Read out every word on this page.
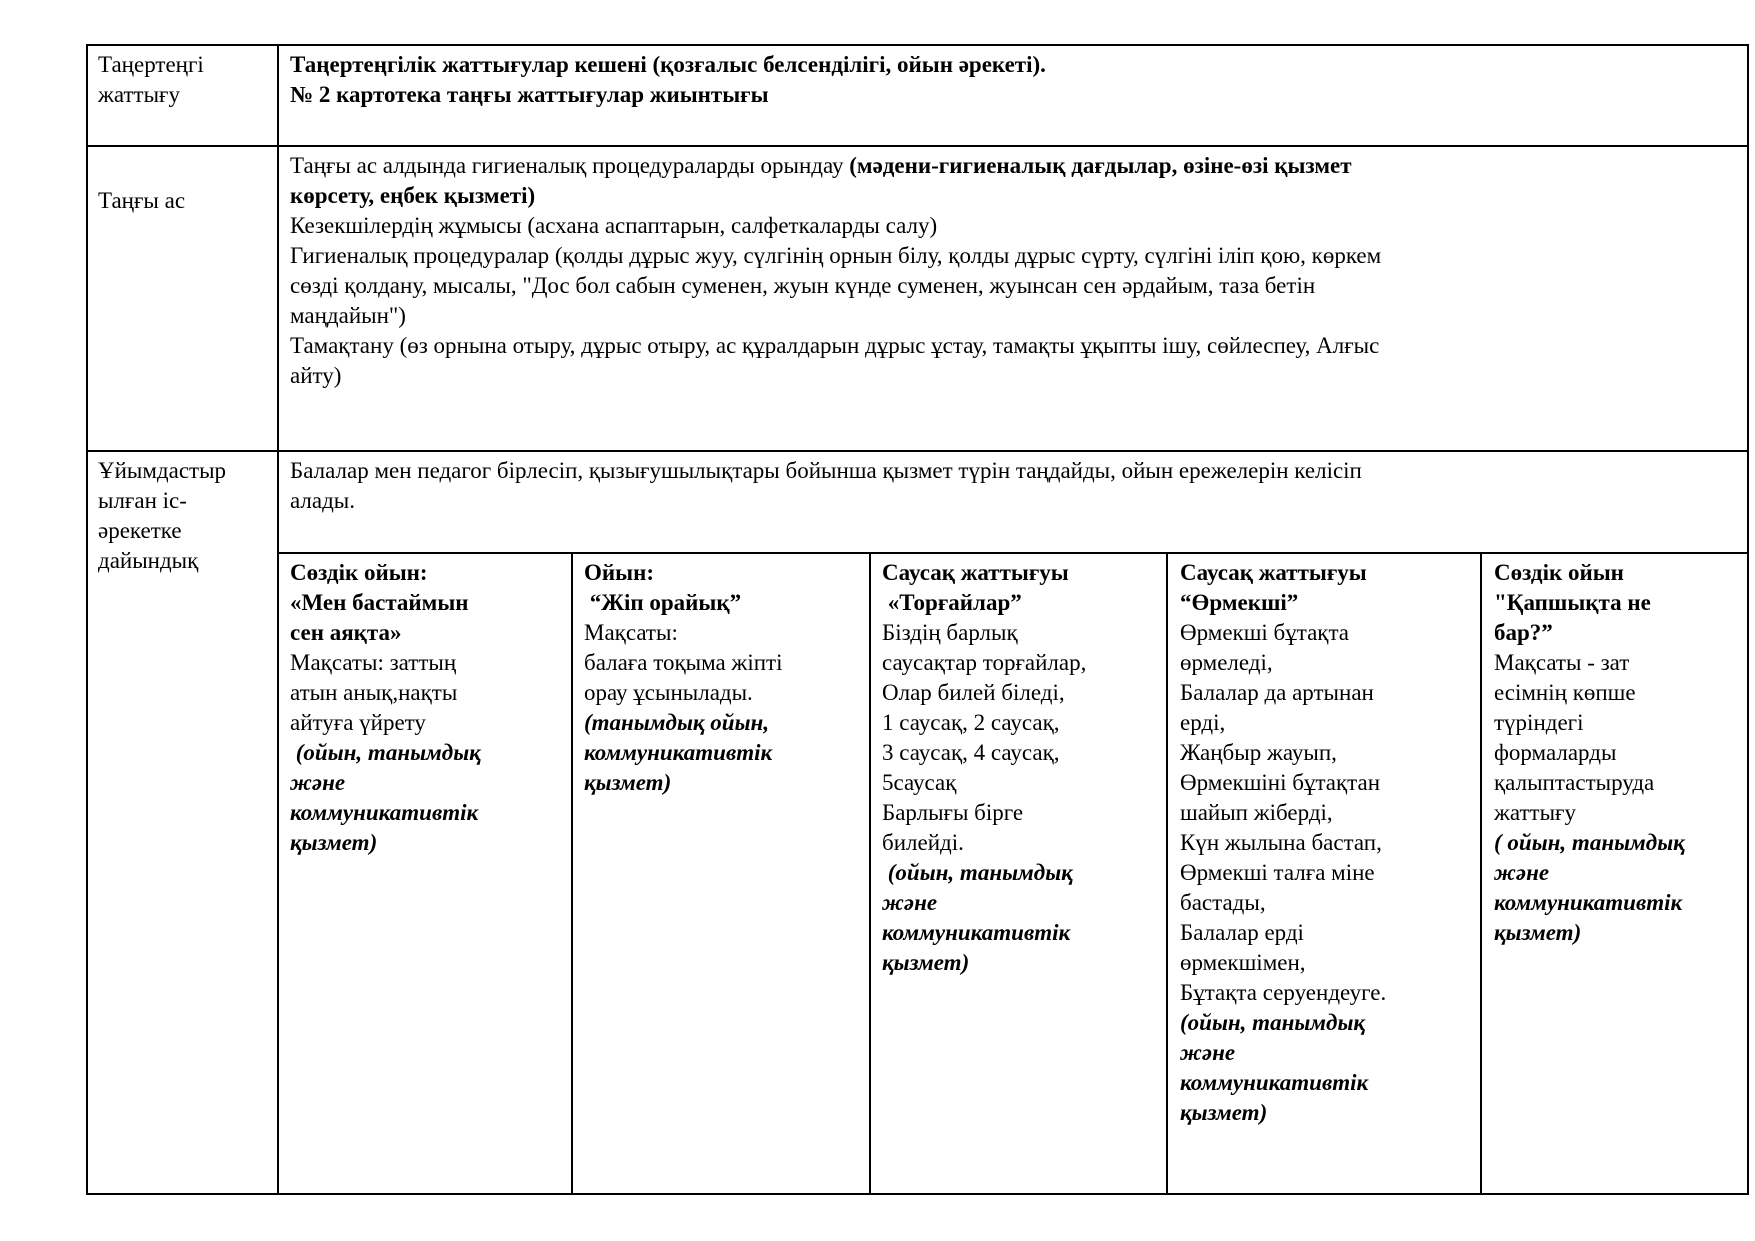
Таңертеңгі
жаттығу
Таңертеңгілік жаттығулар кешені (қозғалыс белсенділігі, ойын әрекеті).
№ 2 картотека таңғы жаттығулар жиынтығы
Таңғы ас
Таңғы ас алдында гигиеналық процедураларды орындау (мәдени-гигиеналық дағдылар, өзіне-өзі қызмет
көрсету, еңбек қызметі)
Кезекшілердің жұмысы (асхана аспаптарын, салфеткаларды салу)
Гигиеналық процедуралар (қолды дұрыс жуу, сүлгінің орнын білу, қолды дұрыс сүрту, сүлгіні іліп қою, көркем
сөзді қолдану, мысалы, "Дос бол сабын суменен, жуын күнде суменен, жуынсан сен әрдайым, таза бетін
маңдайын")
Тамақтану (өз орнына отыру, дұрыс отыру, ас құралдарын дұрыс ұстау, тамақты ұқыпты ішу, сөйлеспеу, Алғыс
айту)
Ұйымдастыр
ылған іс-
әрекетке
дайындық
Балалар мен педагог бірлесіп, қызығушылықтары бойынша қызмет түрін таңдайды, ойын ережелерін келісіп
алады.
Сөздік ойын:
«Мен бастаймын
сен аяқта»
Мақсаты: заттың
атын анық,нақты
айтуға үйрету
(ойын, танымдық
және
коммуникативтік
қызмет)
Ойын:
“Жіп орайық”
Мақсаты:
балаға тоқыма жіпті
орау ұсынылады.
(танымдық ойын,
коммуникативтік
қызмет)
Саусақ жаттығуы
«Торғайлар”
Біздің барлық
саусақтар торғайлар,
Олар билей біледі,
1 саусақ, 2 саусақ,
3 саусақ, 4 саусақ,
5саусақ
Барлығы бірге
билейді.
(ойын, танымдық
және
коммуникативтік
қызмет)
Саусақ жаттығуы
“Өрмекші”
Өрмекші бұтақта
өрмеледі,
Балалар да артынан
ерді,
Жаңбыр жауып,
Өрмекшіні бұтақтан
шайып жіберді,
Күн жылына бастап,
Өрмекші талға міне
бастады,
Балалар ерді
өрмекшімен,
Бұтақта серуендеуге.
(ойын, танымдық
және
коммуникативтік
қызмет)
Сөздік ойын
"Қапшықта не
бар?”
Мақсаты - зат
есімнің көпше
түріндегі
формаларды
қалыптастыруда
жаттығу
( ойын, танымдық
және
коммуникативтік
қызмет)
